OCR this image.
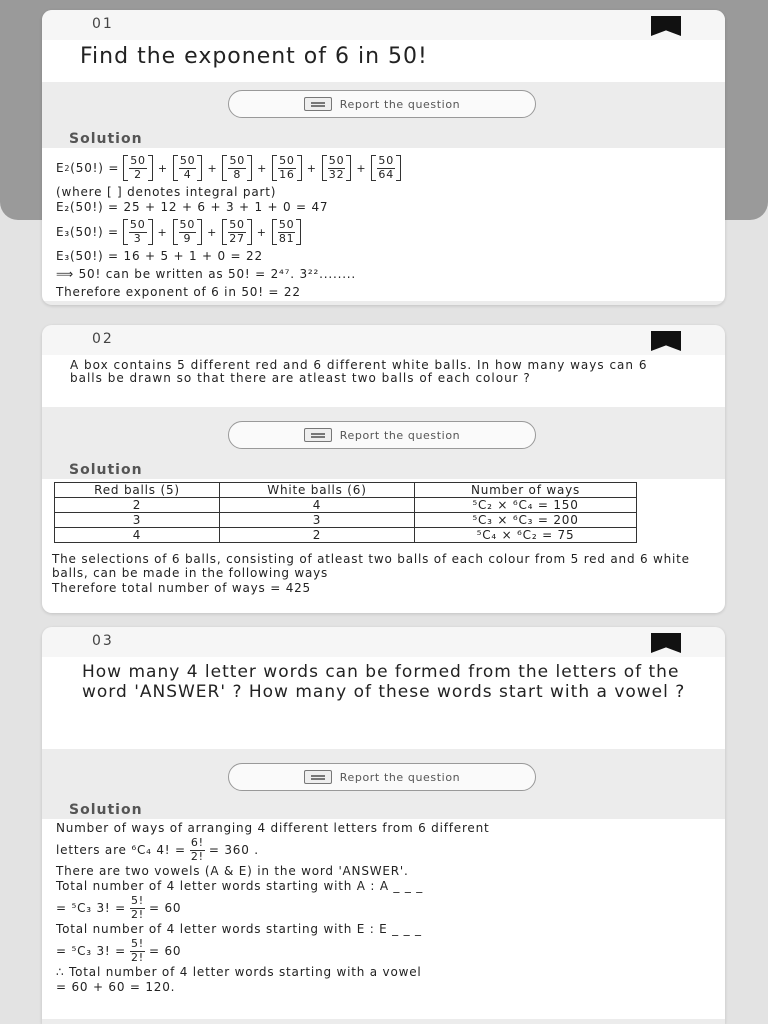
01
Find the exponent of 6 in 50!
Report the question
Solution
E 2 $(50!) = \frac{50}{2} + \frac{50}{4} + \frac{50}{8} + \frac{50}{16} + \frac{50}{32} + \frac{50}{64}$
(where [ ] denotes integral part)
E₂(50!) = 25 + 12 + 6 + 3 + 1 + 0 = 47
$E_3(50!) = \frac{50}{3} + \frac{50}{9} + \frac{50}{27} + \frac{50}{81}$
E₃(50!) = 16 + 5 + 1 + 0 = 22
⟹ 50! can be written as 50! = 2⁴⁷. 3²²........
Therefore exponent of 6 in 50! = 22
02
A box contains 5 different red and 6 different white balls. In how many ways can 6 balls be drawn so that there are atleast two balls of each colour ?
Report the question
Solution
Red balls (5)	White balls (6)	Number of ways
2	4	⁵C₂ × ⁶C₄ = 150
3	3	⁵C₃ × ⁶C₃ = 200
4	2	⁵C₄ × ⁶C₂ = 75
The selections of 6 balls, consisting of atleast two balls of each colour from 5 red and 6 white balls, can be made in the following ways
Therefore total number of ways = 425
03
How many 4 letter words can be formed from the letters of the word 'ANSWER' ? How many of these words start with a vowel ?
Report the question
Solution
Number of ways of arranging 4 different letters from 6 different
letters are ⁶C₄ 4! = $\frac{6!}{2!} = 360$ .
There are two vowels (A & E) in the word 'ANSWER'.
Total number of 4 letter words starting with A : A _ _ _
= ⁵C₃ 3! = $\frac{5!}{2!} = 60$
Total number of 4 letter words starting with E : E _ _ _
= ⁵C₃ 3! = $\frac{5!}{2!} = 60$
∴ Total number of 4 letter words starting with a vowel
= 60 + 60 = 120.
